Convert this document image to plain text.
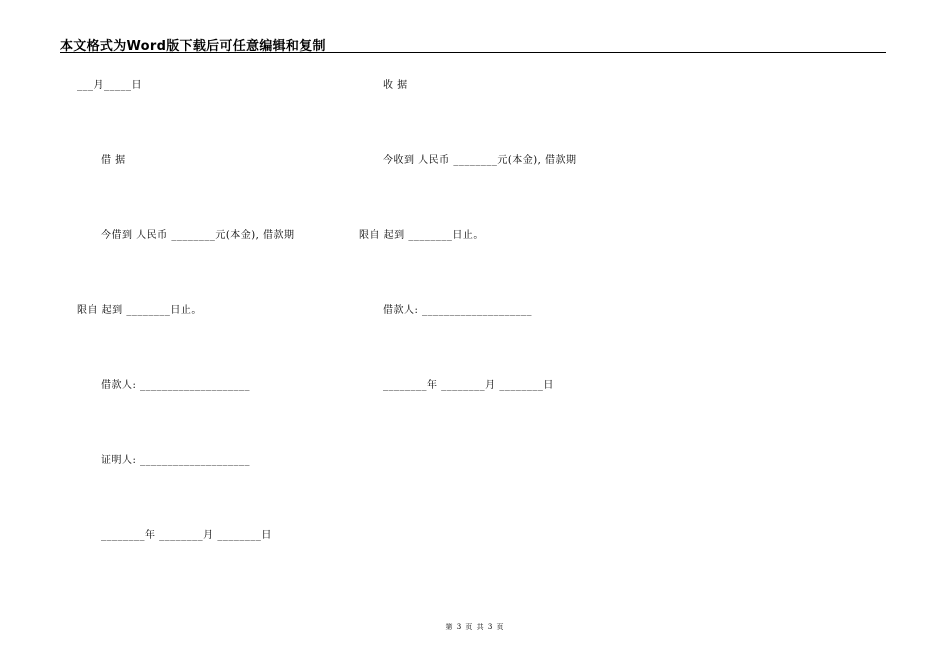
本文格式为Word版下载后可任意编辑和复制
___月_____日
借 据
今借到 人民币 ________元(本金), 借款期
限自 起到 ________日止。
借款人: ____________________
证明人: ____________________
________年 ________月 ________日
收 据
今收到 人民币 ________元(本金), 借款期
限自 起到 ________日止。
借款人: ____________________
________年 ________月 ________日
第 3 页 共 3 页
